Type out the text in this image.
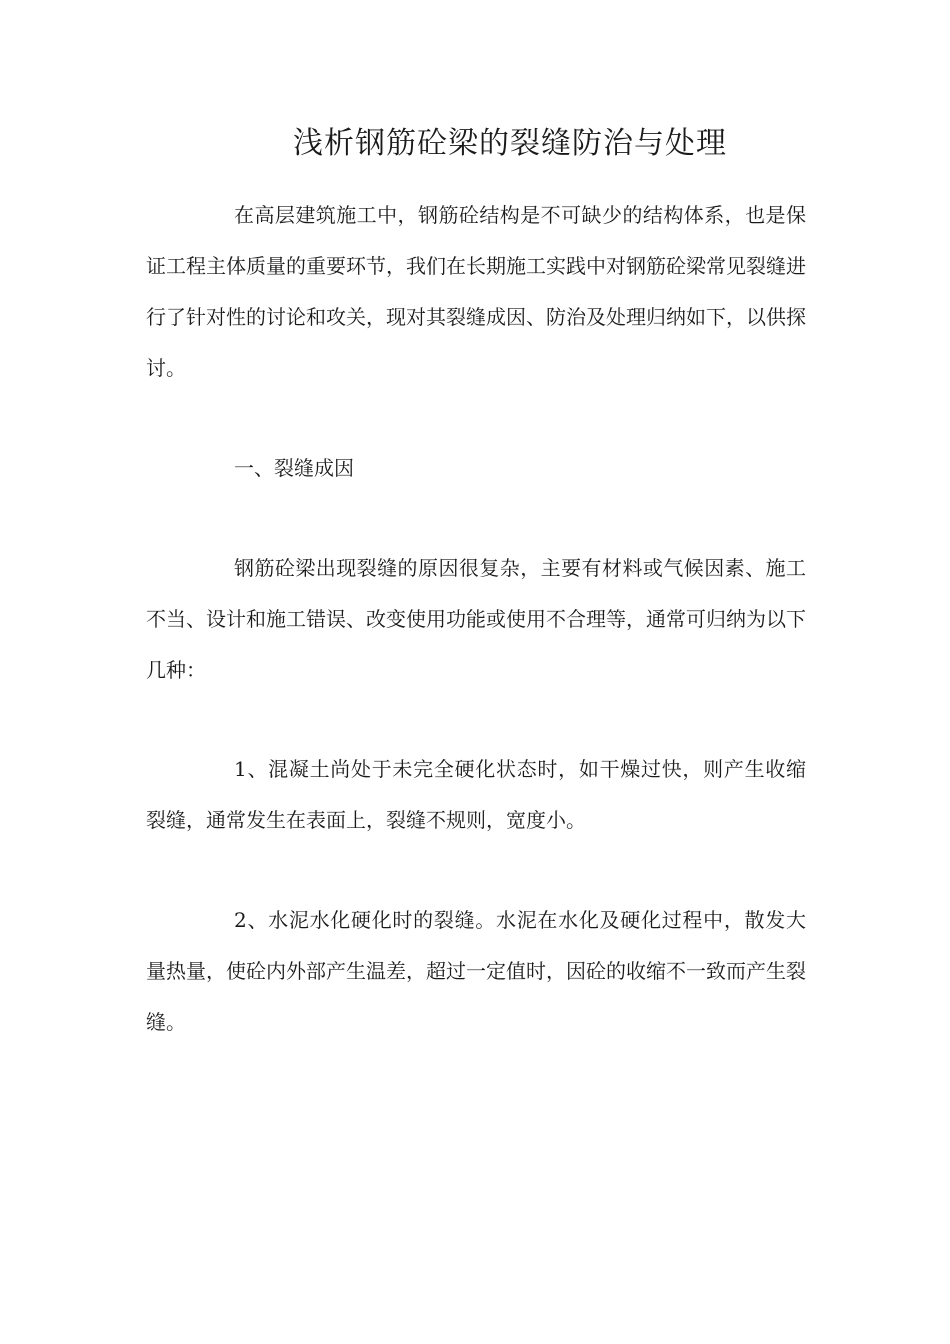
浅析钢筋砼梁的裂缝防治与处理

在高层建筑施工中，钢筋砼结构是不可缺少的结构体系，也是保证工程主体质量的重要环节，我们在长期施工实践中对钢筋砼梁常见裂缝进行了针对性的讨论和攻关，现对其裂缝成因、防治及处理归纳如下，以供探讨。

一、裂缝成因

钢筋砼梁出现裂缝的原因很复杂，主要有材料或气候因素、施工不当、设计和施工错误、改变使用功能或使用不合理等，通常可归纳为以下几种：

1、混凝土尚处于未完全硬化状态时，如干燥过快，则产生收缩裂缝，通常发生在表面上，裂缝不规则，宽度小。

2、水泥水化硬化时的裂缝。水泥在水化及硬化过程中，散发大量热量，使砼内外部产生温差，超过一定值时，因砼的收缩不一致而产生裂缝。
